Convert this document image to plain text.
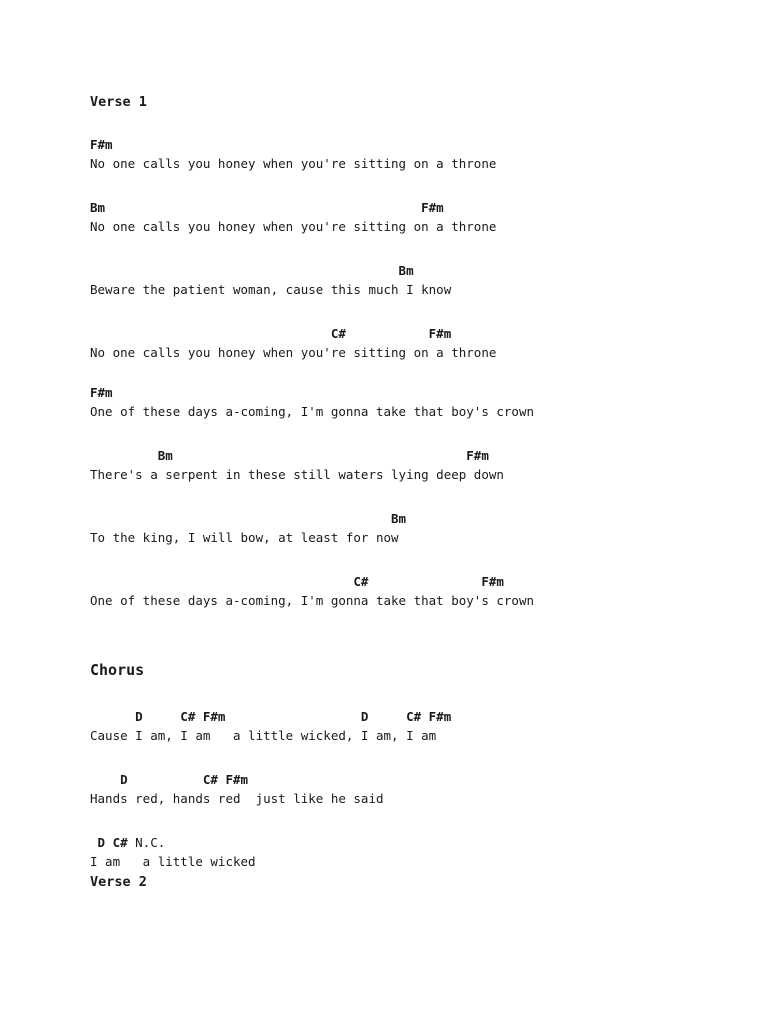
Verse 1

F#m

No one calls you honey when you're sitting on a throne

Bm                                          F#m

No one calls you honey when you're sitting on a throne

Bm

Beware the patient woman, cause this much I know

C#           F#m

No one calls you honey when you're sitting on a throne

F#m

One of these days a-coming, I'm gonna take that boy's crown

Bm                                       F#m

There's a serpent in these still waters lying deep down

Bm

To the king, I will bow, at least for now

C#               F#m

One of these days a-coming, I'm gonna take that boy's crown

Chorus

D     C# F#m                  D     C# F#m

Cause I am, I am   a little wicked, I am, I am

D          C# F#m

Hands red, hands red  just like he said

D C# N.C.

I am   a little wicked

Verse 2
